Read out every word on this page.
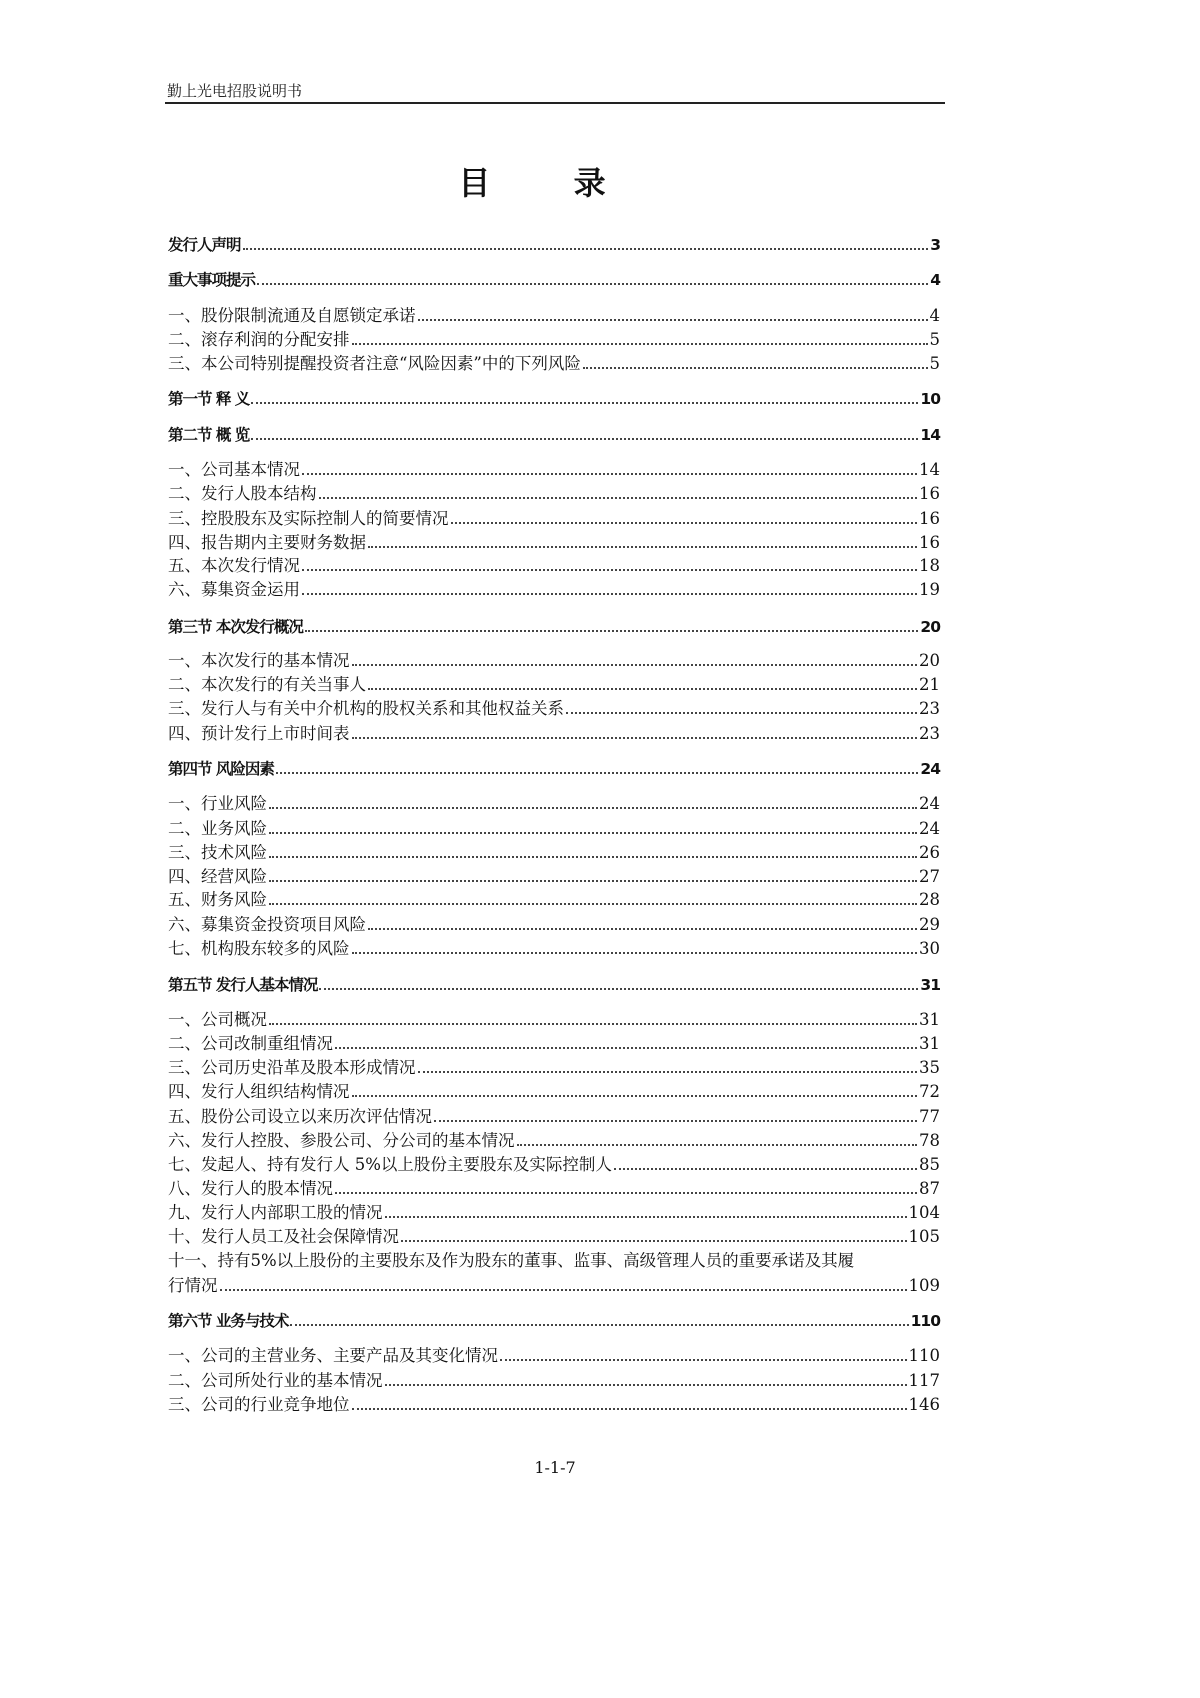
勤上光电招股说明书
目 录
发行人声明	3
重大事项提示	4
一、股份限制流通及自愿锁定承诺	4
二、滚存利润的分配安排	5
三、本公司特别提醒投资者注意“风险因素”中的下列风险	5
第一节 释 义	10
第二节 概 览	14
一、公司基本情况	14
二、发行人股本结构	16
三、控股股东及实际控制人的简要情况	16
四、报告期内主要财务数据	16
五、本次发行情况	18
六、募集资金运用	19
第三节 本次发行概况	20
一、本次发行的基本情况	20
二、本次发行的有关当事人	21
三、发行人与有关中介机构的股权关系和其他权益关系	23
四、预计发行上市时间表	23
第四节 风险因素	24
一、行业风险	24
二、业务风险	24
三、技术风险	26
四、经营风险	27
五、财务风险	28
六、募集资金投资项目风险	29
七、机构股东较多的风险	30
第五节 发行人基本情况	31
一、公司概况	31
二、公司改制重组情况	31
三、公司历史沿革及股本形成情况	35
四、发行人组织结构情况	72
五、股份公司设立以来历次评估情况	77
六、发行人控股、参股公司、分公司的基本情况	78
七、发起人、持有发行人 5%以上股份主要股东及实际控制人	85
八、发行人的股本情况	87
九、发行人内部职工股的情况	104
十、发行人员工及社会保障情况	105
十一、持有5%以上股份的主要股东及作为股东的董事、监事、高级管理人员的重要承诺及其履
行情况	109
第六节 业务与技术	110
一、公司的主营业务、主要产品及其变化情况	110
二、公司所处行业的基本情况	117
三、公司的行业竞争地位	146
1-1-7
